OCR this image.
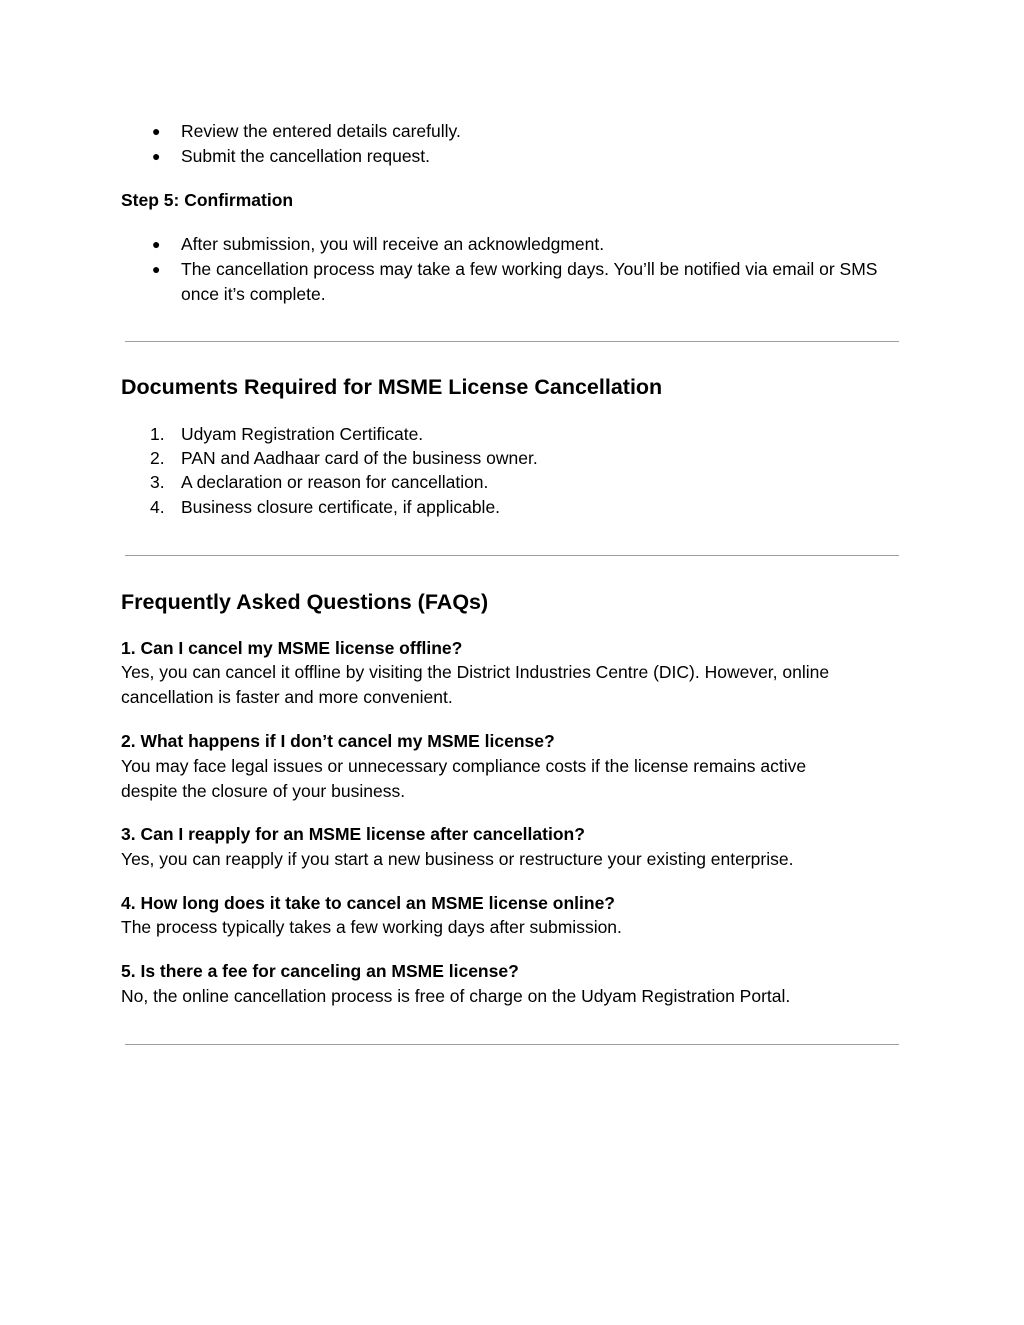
●	Review the entered details carefully.
●	Submit the cancellation request.
Step 5: Confirmation
●	After submission, you will receive an acknowledgment.
●	The cancellation process may take a few working days. You’ll be notified via email or SMS once it’s complete.
Documents Required for MSME License Cancellation
1. Udyam Registration Certificate.
2. PAN and Aadhaar card of the business owner.
3. A declaration or reason for cancellation.
4. Business closure certificate, if applicable.
Frequently Asked Questions (FAQs)
1. Can I cancel my MSME license offline?
Yes, you can cancel it offline by visiting the District Industries Centre (DIC). However, online cancellation is faster and more convenient.
2. What happens if I don’t cancel my MSME license?
You may face legal issues or unnecessary compliance costs if the license remains active despite the closure of your business.
3. Can I reapply for an MSME license after cancellation?
Yes, you can reapply if you start a new business or restructure your existing enterprise.
4. How long does it take to cancel an MSME license online?
The process typically takes a few working days after submission.
5. Is there a fee for canceling an MSME license?
No, the online cancellation process is free of charge on the Udyam Registration Portal.
